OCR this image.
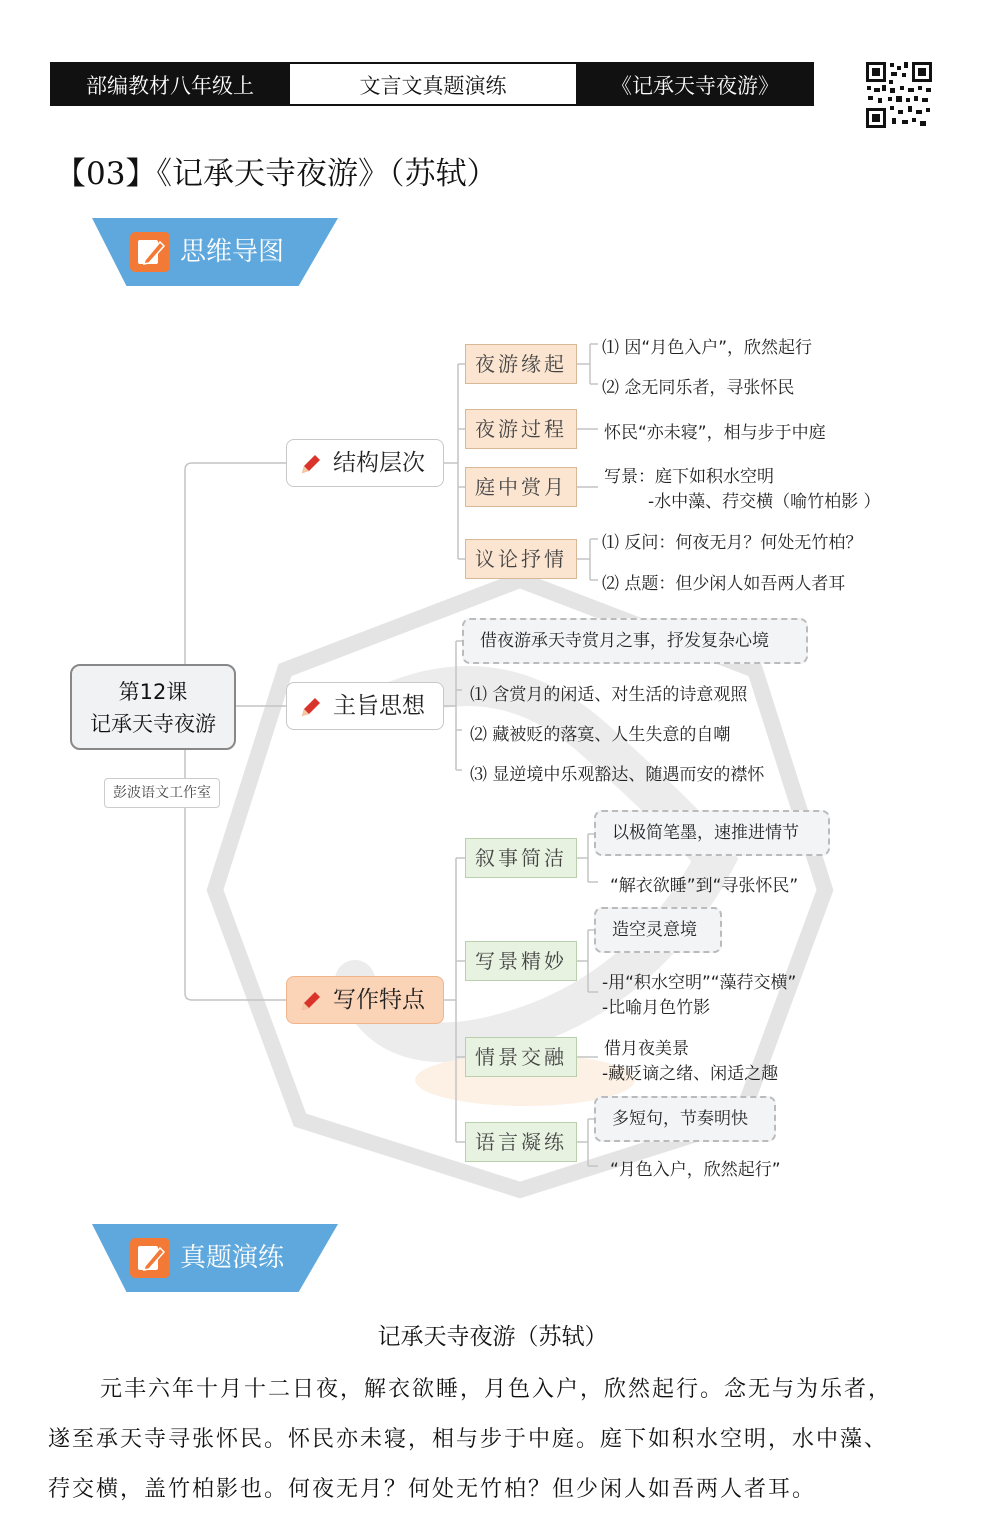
部编教材八年级上	文言文真题演练	《记承天寺夜游》
【03】《记承天寺夜游》（苏轼）
思维导图
第12课
记承天寺夜游
彭波语文工作室
结构层次
夜游缘起
⑴ 因“月色入户”，欣然起行
⑵ 念无同乐者，寻张怀民
夜游过程	怀民“亦未寝”，相与步于中庭
庭中赏月	写景：庭下如积水空明
-水中藻、荇交横（喻竹柏影 ）
议论抒情
⑴ 反问：何夜无月？何处无竹柏？
⑵ 点题：但少闲人如吾两人者耳
主旨思想
借夜游承天寺赏月之事，抒发复杂心境
⑴ 含赏月的闲适、对生活的诗意观照
⑵ 藏被贬的落寞、人生失意的自嘲
⑶ 显逆境中乐观豁达、随遇而安的襟怀
写作特点
叙事简洁
以极简笔墨，速推进情节
“解衣欲睡”到“寻张怀民”
写景精妙
造空灵意境
-用“积水空明”“藻荇交横”
-比喻月色竹影
情景交融	借月夜美景
-藏贬谪之绪、闲适之趣
语言凝练
多短句，节奏明快
“月色入户，欣然起行”
真题演练
记承天寺夜游（苏轼）
元丰六年十月十二日夜，解衣欲睡，月色入户，欣然起行。念无与为乐者，
遂至承天寺寻张怀民。怀民亦未寝，相与步于中庭。庭下如积水空明，水中藻、
荇交横，盖竹柏影也。何夜无月？何处无竹柏？但少闲人如吾两人者耳。
